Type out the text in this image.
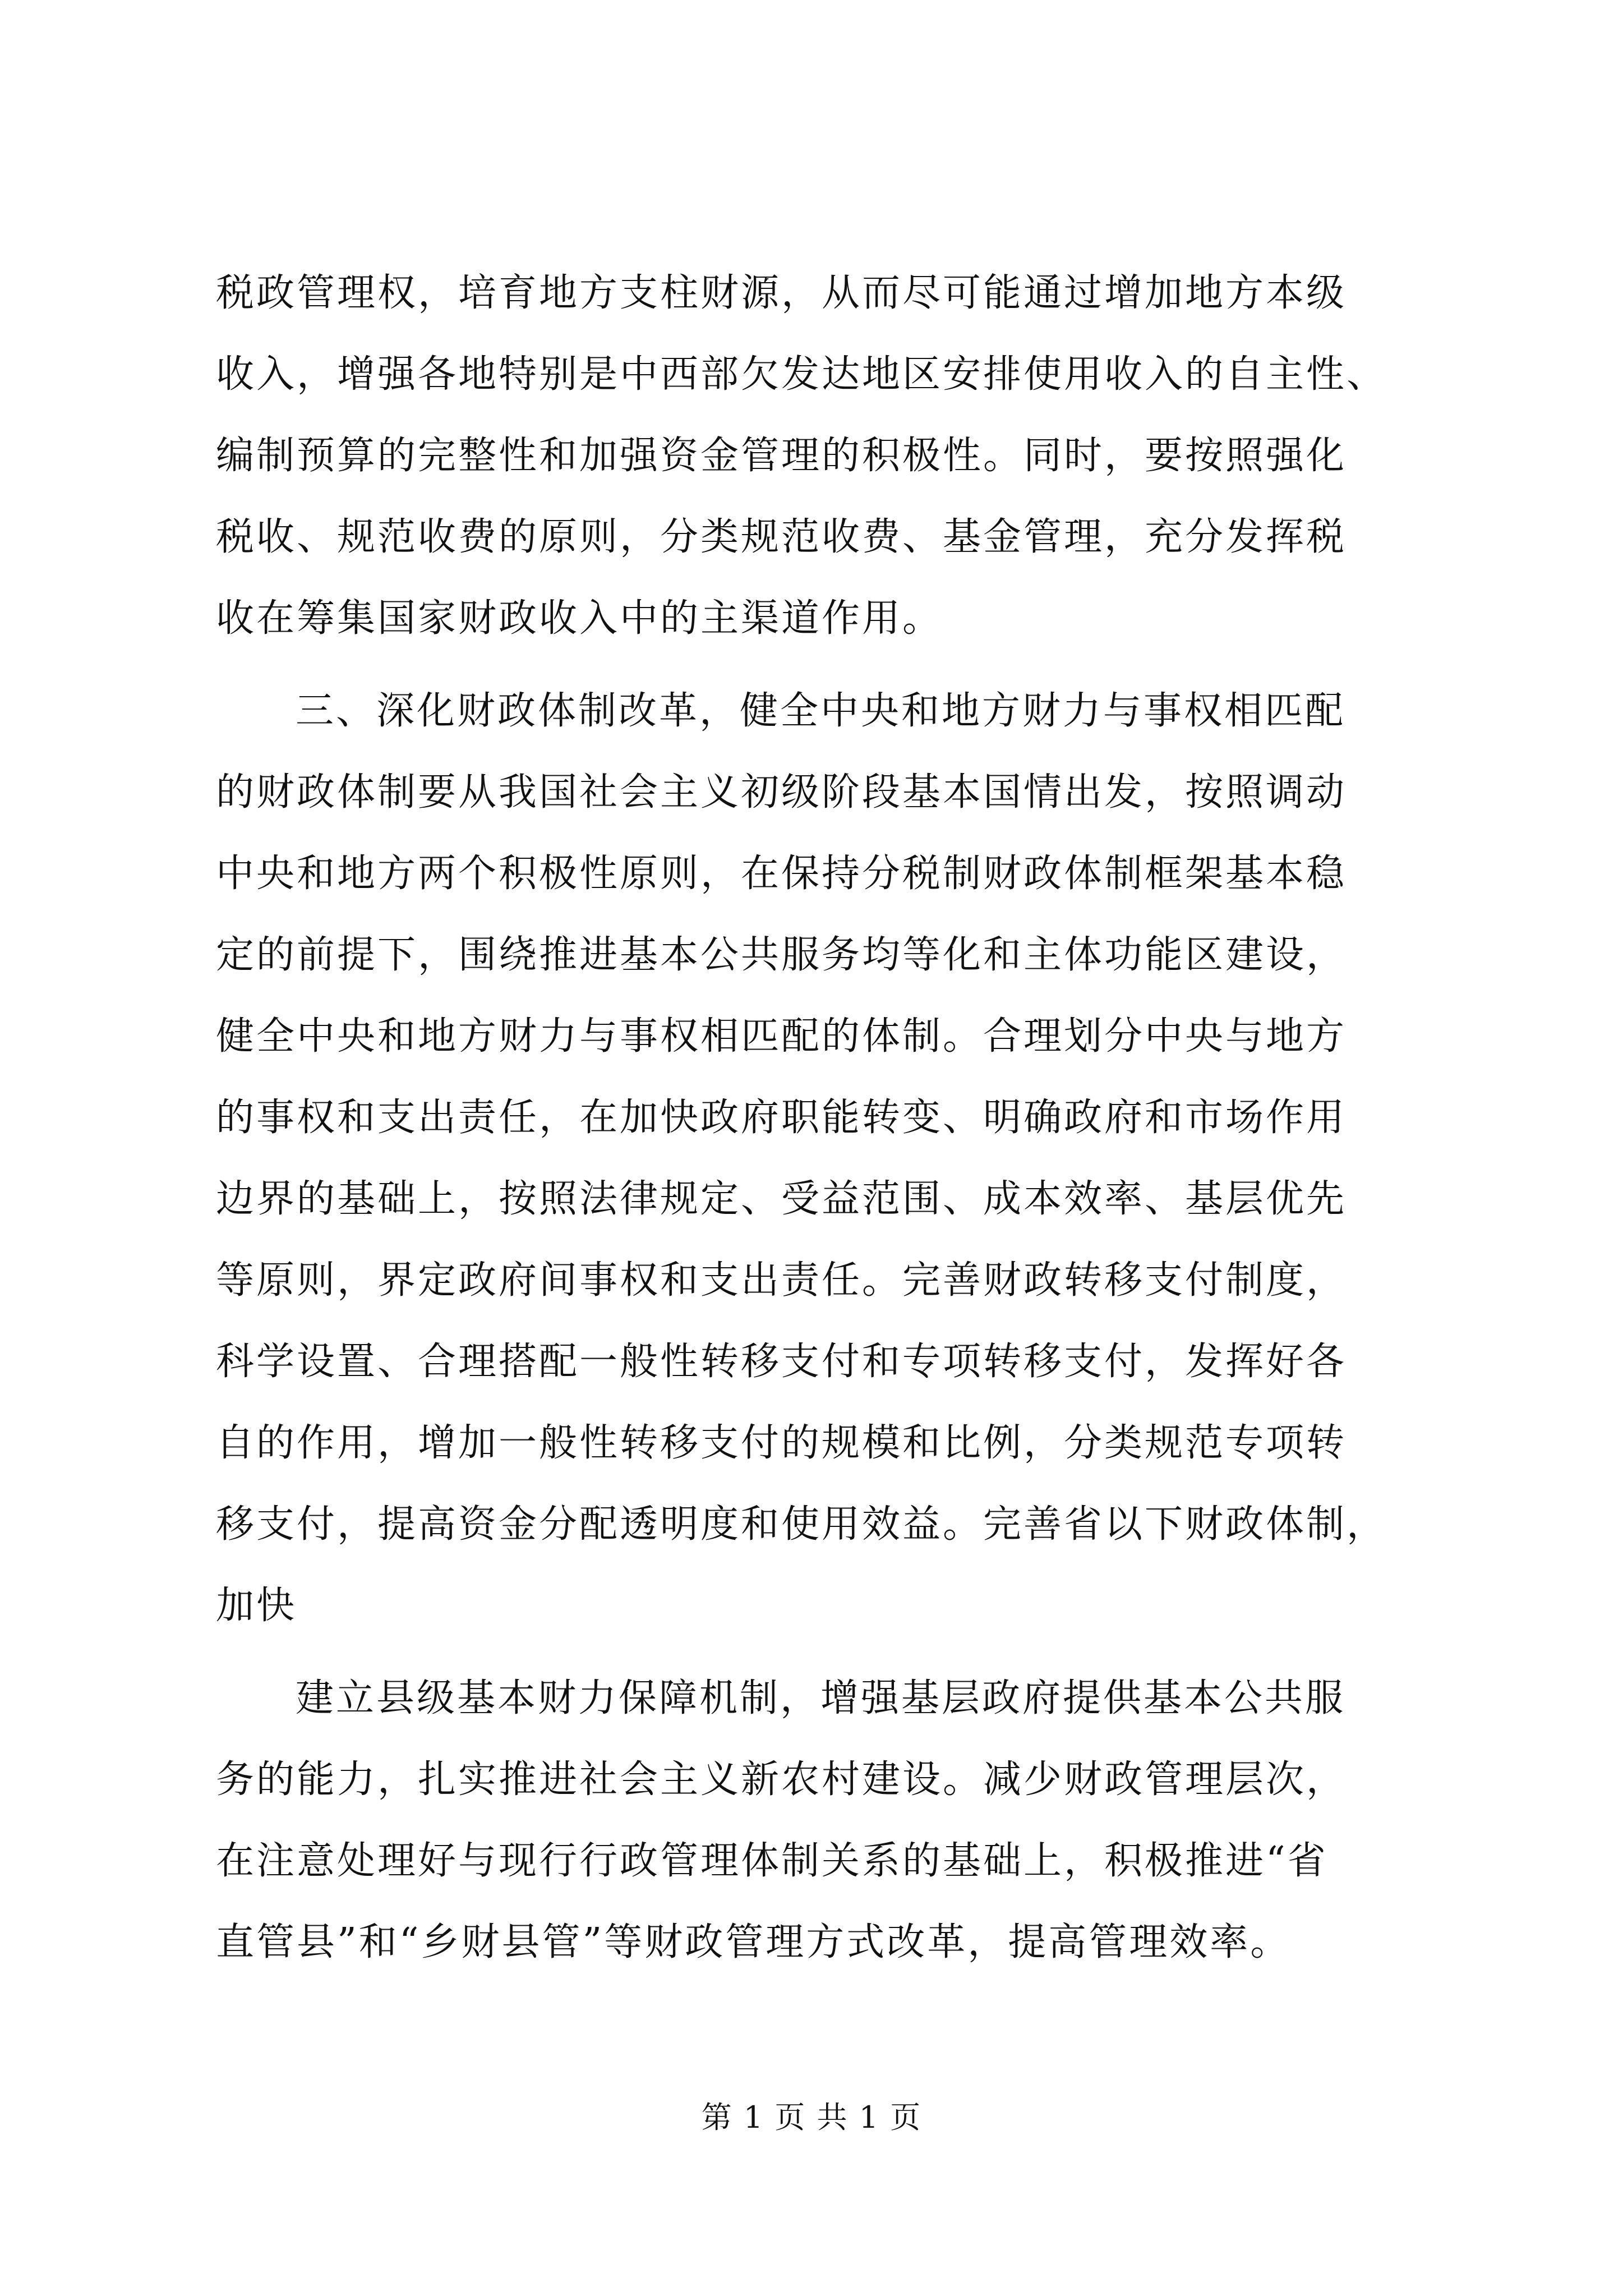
税政管理权，培育地方支柱财源，从而尽可能通过增加地方本级
收入，增强各地特别是中西部欠发达地区安排使用收入的自主性、
编制预算的完整性和加强资金管理的积极性。同时，要按照强化
税收、规范收费的原则，分类规范收费、基金管理，充分发挥税
收在筹集国家财政收入中的主渠道作用。
三、深化财政体制改革，健全中央和地方财力与事权相匹配
的财政体制要从我国社会主义初级阶段基本国情出发，按照调动
中央和地方两个积极性原则，在保持分税制财政体制框架基本稳
定的前提下，围绕推进基本公共服务均等化和主体功能区建设，
健全中央和地方财力与事权相匹配的体制。合理划分中央与地方
的事权和支出责任，在加快政府职能转变、明确政府和市场作用
边界的基础上，按照法律规定、受益范围、成本效率、基层优先
等原则，界定政府间事权和支出责任。完善财政转移支付制度，
科学设置、合理搭配一般性转移支付和专项转移支付，发挥好各
自的作用，增加一般性转移支付的规模和比例，分类规范专项转
移支付，提高资金分配透明度和使用效益。完善省以下财政体制，
加快
建立县级基本财力保障机制，增强基层政府提供基本公共服
务的能力，扎实推进社会主义新农村建设。减少财政管理层次，
在注意处理好与现行行政管理体制关系的基础上，积极推进“省
直管县”和“乡财县管”等财政管理方式改革，提高管理效率。
第 1 页 共 1 页
